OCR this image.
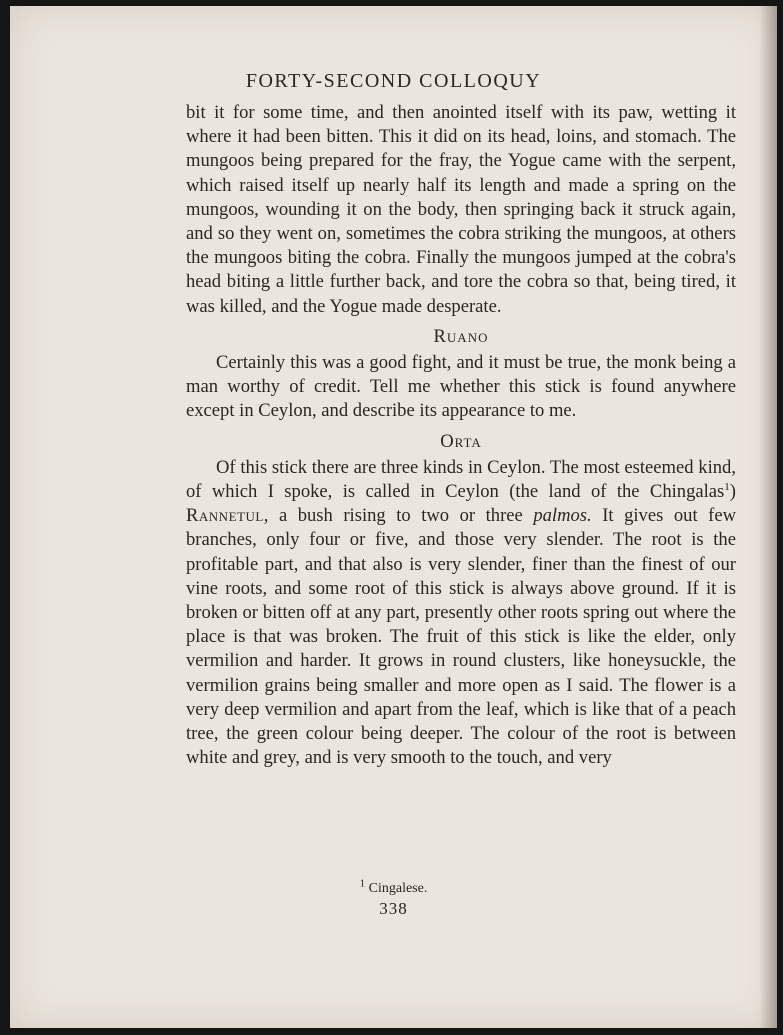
FORTY-SECOND COLLOQUY

bit it for some time, and then anointed itself with its paw, wetting it where it had been bitten. This it did on its head, loins, and stomach. The mungoos being prepared for the fray, the Yogue came with the serpent, which raised itself up nearly half its length and made a spring on the mungoos, wounding it on the body, then springing back it struck again, and so they went on, sometimes the cobra striking the mungoos, at others the mungoos biting the cobra. Finally the mungoos jumped at the cobra's head biting a little further back, and tore the cobra so that, being tired, it was killed, and the Yogue made desperate.

Ruano

Certainly this was a good fight, and it must be true, the monk being a man worthy of credit. Tell me whether this stick is found anywhere except in Ceylon, and describe its appearance to me.

Orta

Of this stick there are three kinds in Ceylon. The most esteemed kind, of which I spoke, is called in Ceylon (the land of the Chingalas$^1$) Rannetul, a bush rising to two or three palmos. It gives out few branches, only four or five, and those very slender. The root is the profitable part, and that also is very slender, finer than the finest of our vine roots, and some root of this stick is always above ground. If it is broken or bitten off at any part, presently other roots spring out where the place is that was broken. The fruit of this stick is like the elder, only vermilion and harder. It grows in round clusters, like honeysuckle, the vermilion grains being smaller and more open as I said. The flower is a very deep vermilion and apart from the leaf, which is like that of a peach tree, the green colour being deeper. The colour of the root is between white and grey, and is very smooth to the touch, and very

$^1$ Cingalese.
338
